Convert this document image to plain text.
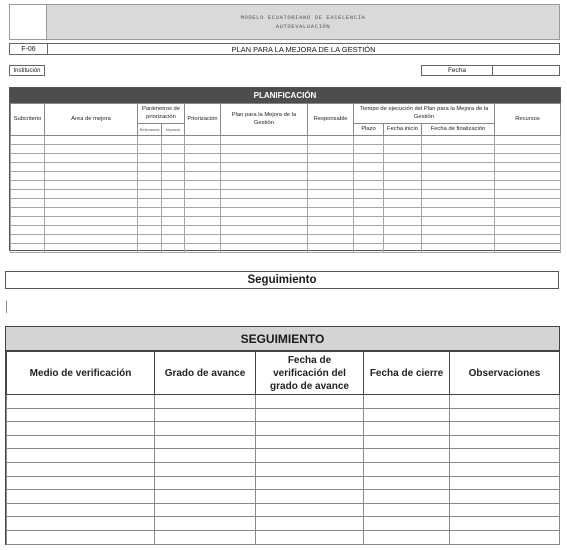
MODELO ECUATORIANO DE EXCELENCIA
AUTOEVALUACIÓN
F-06	PLAN PARA LA MEJORA DE LA GESTIÓN
Institución	Fecha
PLANIFICACIÓN
Subcriterio	Área de mejora	Parámetros de priorización		Priorización	Plan para la Mejora de la Gestión	Responsable	Tiempo de ejecución del Plan para la Mejora de la Gestión			Recursos
		Relevancia	Impacto				Plazo	Fecha inicio	Fecha de finalización	

Seguimiento
SEGUIMIENTO
Medio de verificación	Grado de avance	Fecha de verificación del grado de avance	Fecha de cierre	Observaciones
